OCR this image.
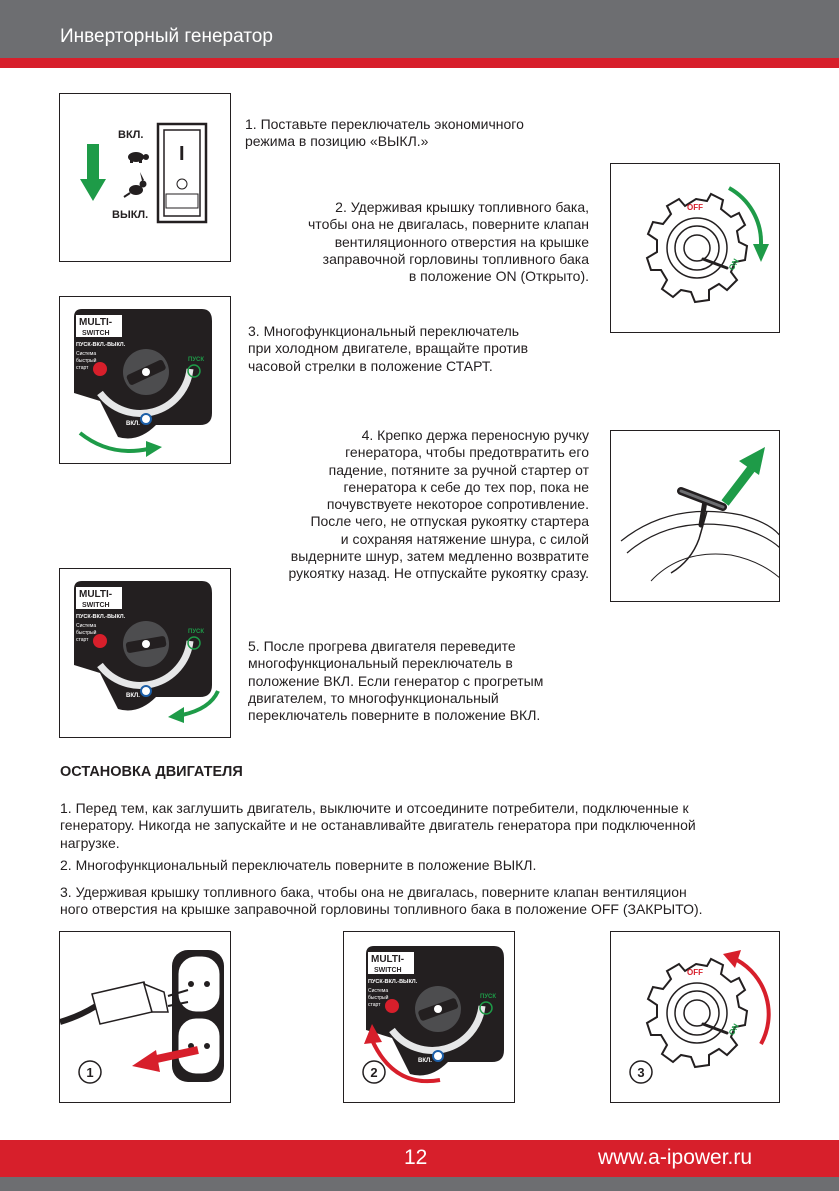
Инверторный генератор
ВКЛ.
ВЫКЛ.
I
OFF
ON
MULTI-
SWITCH
ПУСК-ВКЛ.-ВЫКЛ.
Система
быстрый
старт
ПУСК
ВКЛ.
MULTI-
SWITCH
ПУСК-ВКЛ.-ВЫКЛ.
Система
быстрый
старт
ПУСК
ВКЛ.
1. Поставьте переключатель экономичного
режима в позицию «ВЫКЛ.»
2. Удерживая крышку топливного бака,
чтобы она не двигалась, поверните клапан
вентиляционного отверстия на крышке
заправочной горловины топливного бака
в положение ON (Открыто).
3. Многофункциональный переключатель
при холодном двигателе, вращайте против
часовой стрелки в положение СТАРТ.
4. Крепко держа переносную ручку
генератора, чтобы предотвратить его
падение, потяните за ручной стартер от
генератора к себе до тех пор, пока не
почувствуете некоторое сопротивление.
После чего, не отпуская рукоятку стартера
и сохраняя натяжение шнура, с силой
выдерните шнур, затем медленно возвратите
рукоятку назад. Не отпускайте рукоятку сразу.
5. После прогрева двигателя переведите
многофункциональный переключатель в
положение ВКЛ. Если генератор с прогретым
двигателем, то многофункциональный
переключатель поверните в положение ВКЛ.
ОСТАНОВКА ДВИГАТЕЛЯ
1. Перед тем, как заглушить двигатель, выключите и отсоедините потребители, подключенные к
генератору. Никогда не запускайте и не останавливайте двигатель генератора при подключенной
нагрузке.
2. Многофункциональный переключатель поверните в положение ВЫКЛ.
3. Удерживая крышку топливного бака, чтобы она не двигалась, поверните клапан вентиляцион
ного отверстия на крышке заправочной горловины топливного бака в положение OFF (ЗАКРЫТО).
1
MULTI-
SWITCH
ПУСК-ВКЛ.-ВЫКЛ.
Система
быстрый
старт
ПУСК
ВКЛ.
2
OFF
ON
3
12	www.a-ipower.ru
